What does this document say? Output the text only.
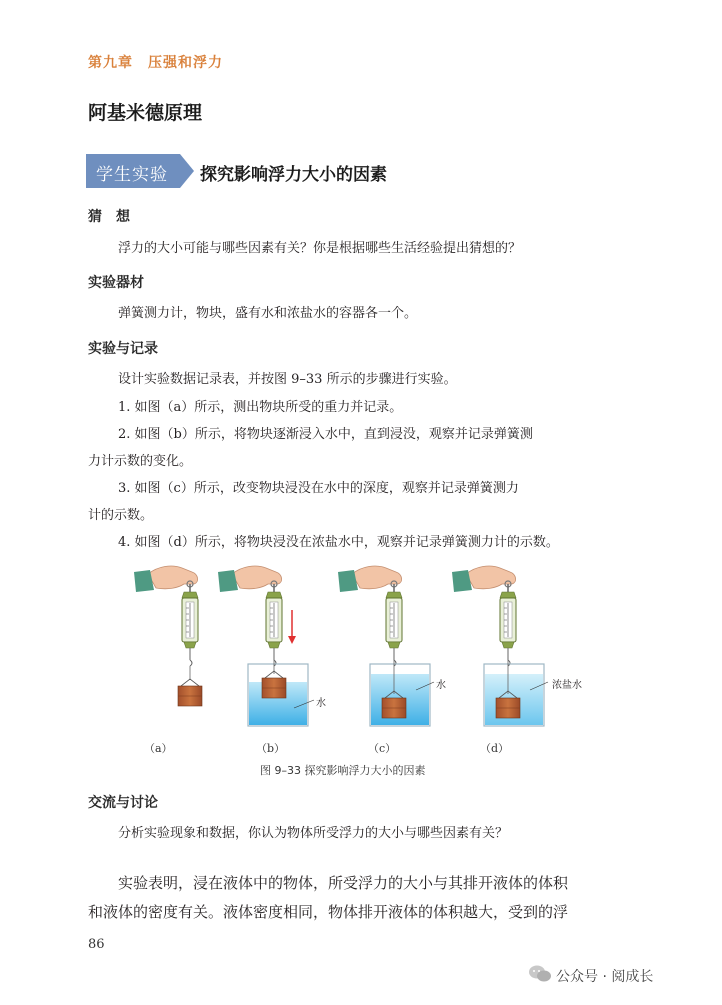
第九章　压强和浮力
阿基米德原理
学生实验 探究影响浮力大小的因素
猜　想
浮力的大小可能与哪些因素有关？你是根据哪些生活经验提出猜想的？
实验器材
弹簧测力计，物块，盛有水和浓盐水的容器各一个。
实验与记录
设计实验数据记录表，并按图 9–33 所示的步骤进行实验。
1. 如图（a）所示，测出物块所受的重力并记录。
2. 如图（b）所示，将物块逐渐浸入水中，直到浸没，观察并记录弹簧测
力计示数的变化。
3. 如图（c）所示，改变物块浸没在水中的深度，观察并记录弹簧测力
计的示数。
4. 如图（d）所示，将物块浸没在浓盐水中，观察并记录弹簧测力计的示数。
水
水	浓盐水
（a）	（b）	（c）	（d）
图 9–33 探究影响浮力大小的因素
交流与讨论
分析实验现象和数据，你认为物体所受浮力的大小与哪些因素有关？
实验表明，浸在液体中的物体，所受浮力的大小与其排开液体的体积
和液体的密度有关。液体密度相同，物体排开液体的体积越大，受到的浮
86
公众号 · 阅成长
